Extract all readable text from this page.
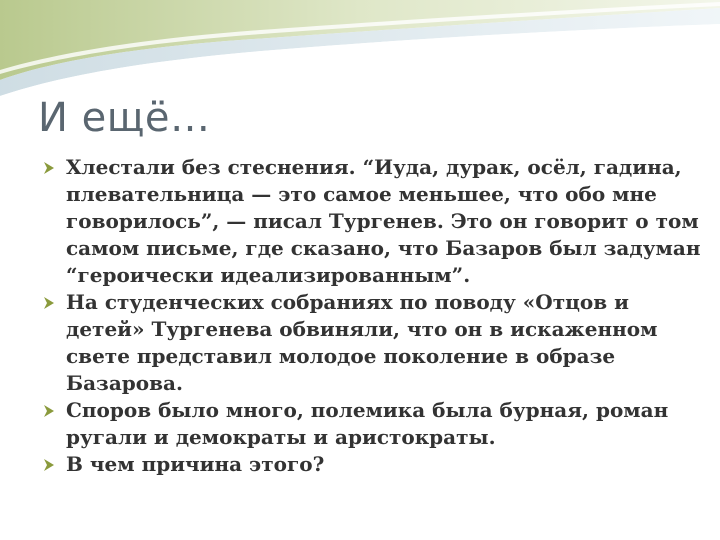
И ещё…
Хлестали без стеснения. “Иуда, дурак, осёл, гадина, плевательница — это самое меньшее, что обо мне говорилось”, — писал Тургенев. Это он говорит о том самом письме, где сказано, что Базаров был задуман “героически идеализированным”.
На студенческих собраниях по поводу «Отцов и детей» Тургенева обвиняли, что он в искаженном свете представил молодое поколение в образе Базарова.
Споров было много, полемика была бурная, роман ругали и демократы и аристократы.
В чем причина этого?
